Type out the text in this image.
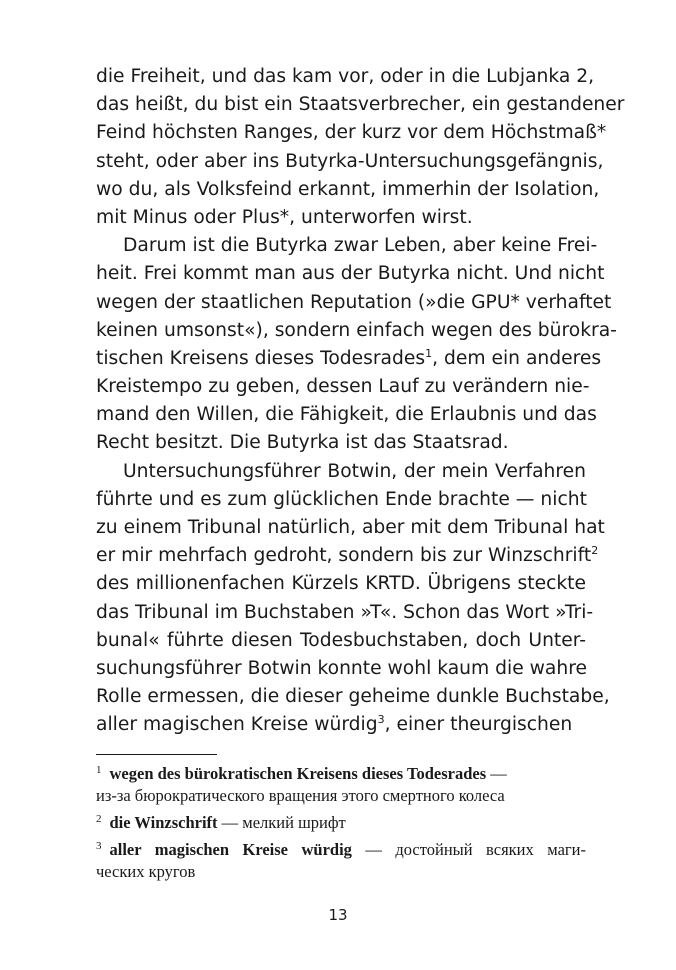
die Freiheit, und das kam vor, oder in die Lubjanka 2,
das heißt, du bist ein Staatsverbrecher, ein gestandener
Feind höchsten Ranges, der kurz vor dem Höchstmaß*
steht, oder aber ins Butyrka-Untersuchungsgefängnis,
wo du, als Volksfeind erkannt, immerhin der Isolation,
mit Minus oder Plus*, unterworfen wirst.
Darum ist die Butyrka zwar Leben, aber keine Frei-
heit. Frei kommt man aus der Butyrka nicht. Und nicht
wegen der staatlichen Reputation (»die GPU* verhaftet
keinen umsonst«), sondern einfach wegen des bürokra-
tischen Kreisens dieses Todesrades$^1$, dem ein anderes
Kreistempo zu geben, dessen Lauf zu verändern nie-
mand den Willen, die Fähigkeit, die Erlaubnis und das
Recht besitzt. Die Butyrka ist das Staatsrad.
Untersuchungsführer Botwin, der mein Verfahren
führte und es zum glücklichen Ende brachte — nicht
zu einem Tribunal natürlich, aber mit dem Tribunal hat
er mir mehrfach gedroht, sondern bis zur Winzschrift$^2$
des millionenfachen Kürzels KRTD. Übrigens steckte
das Tribunal im Buchstaben »T«. Schon das Wort »Tri-
bunal« führte diesen Todesbuchstaben, doch Unter-
suchungsführer Botwin konnte wohl kaum die wahre
Rolle ermessen, die dieser geheime dunkle Buchstabe,
aller magischen Kreise würdig$^3$, einer theurgischen
$^1$ wegen des bürokratischen Kreisens dieses Todesrades —
из-за бюрократического вращения этого смертного колеса
$^2$ die Winzschrift — мелкий шрифт
$^3$ aller magischen Kreise würdig — достойный всяких маги-
ческих кругов
13
